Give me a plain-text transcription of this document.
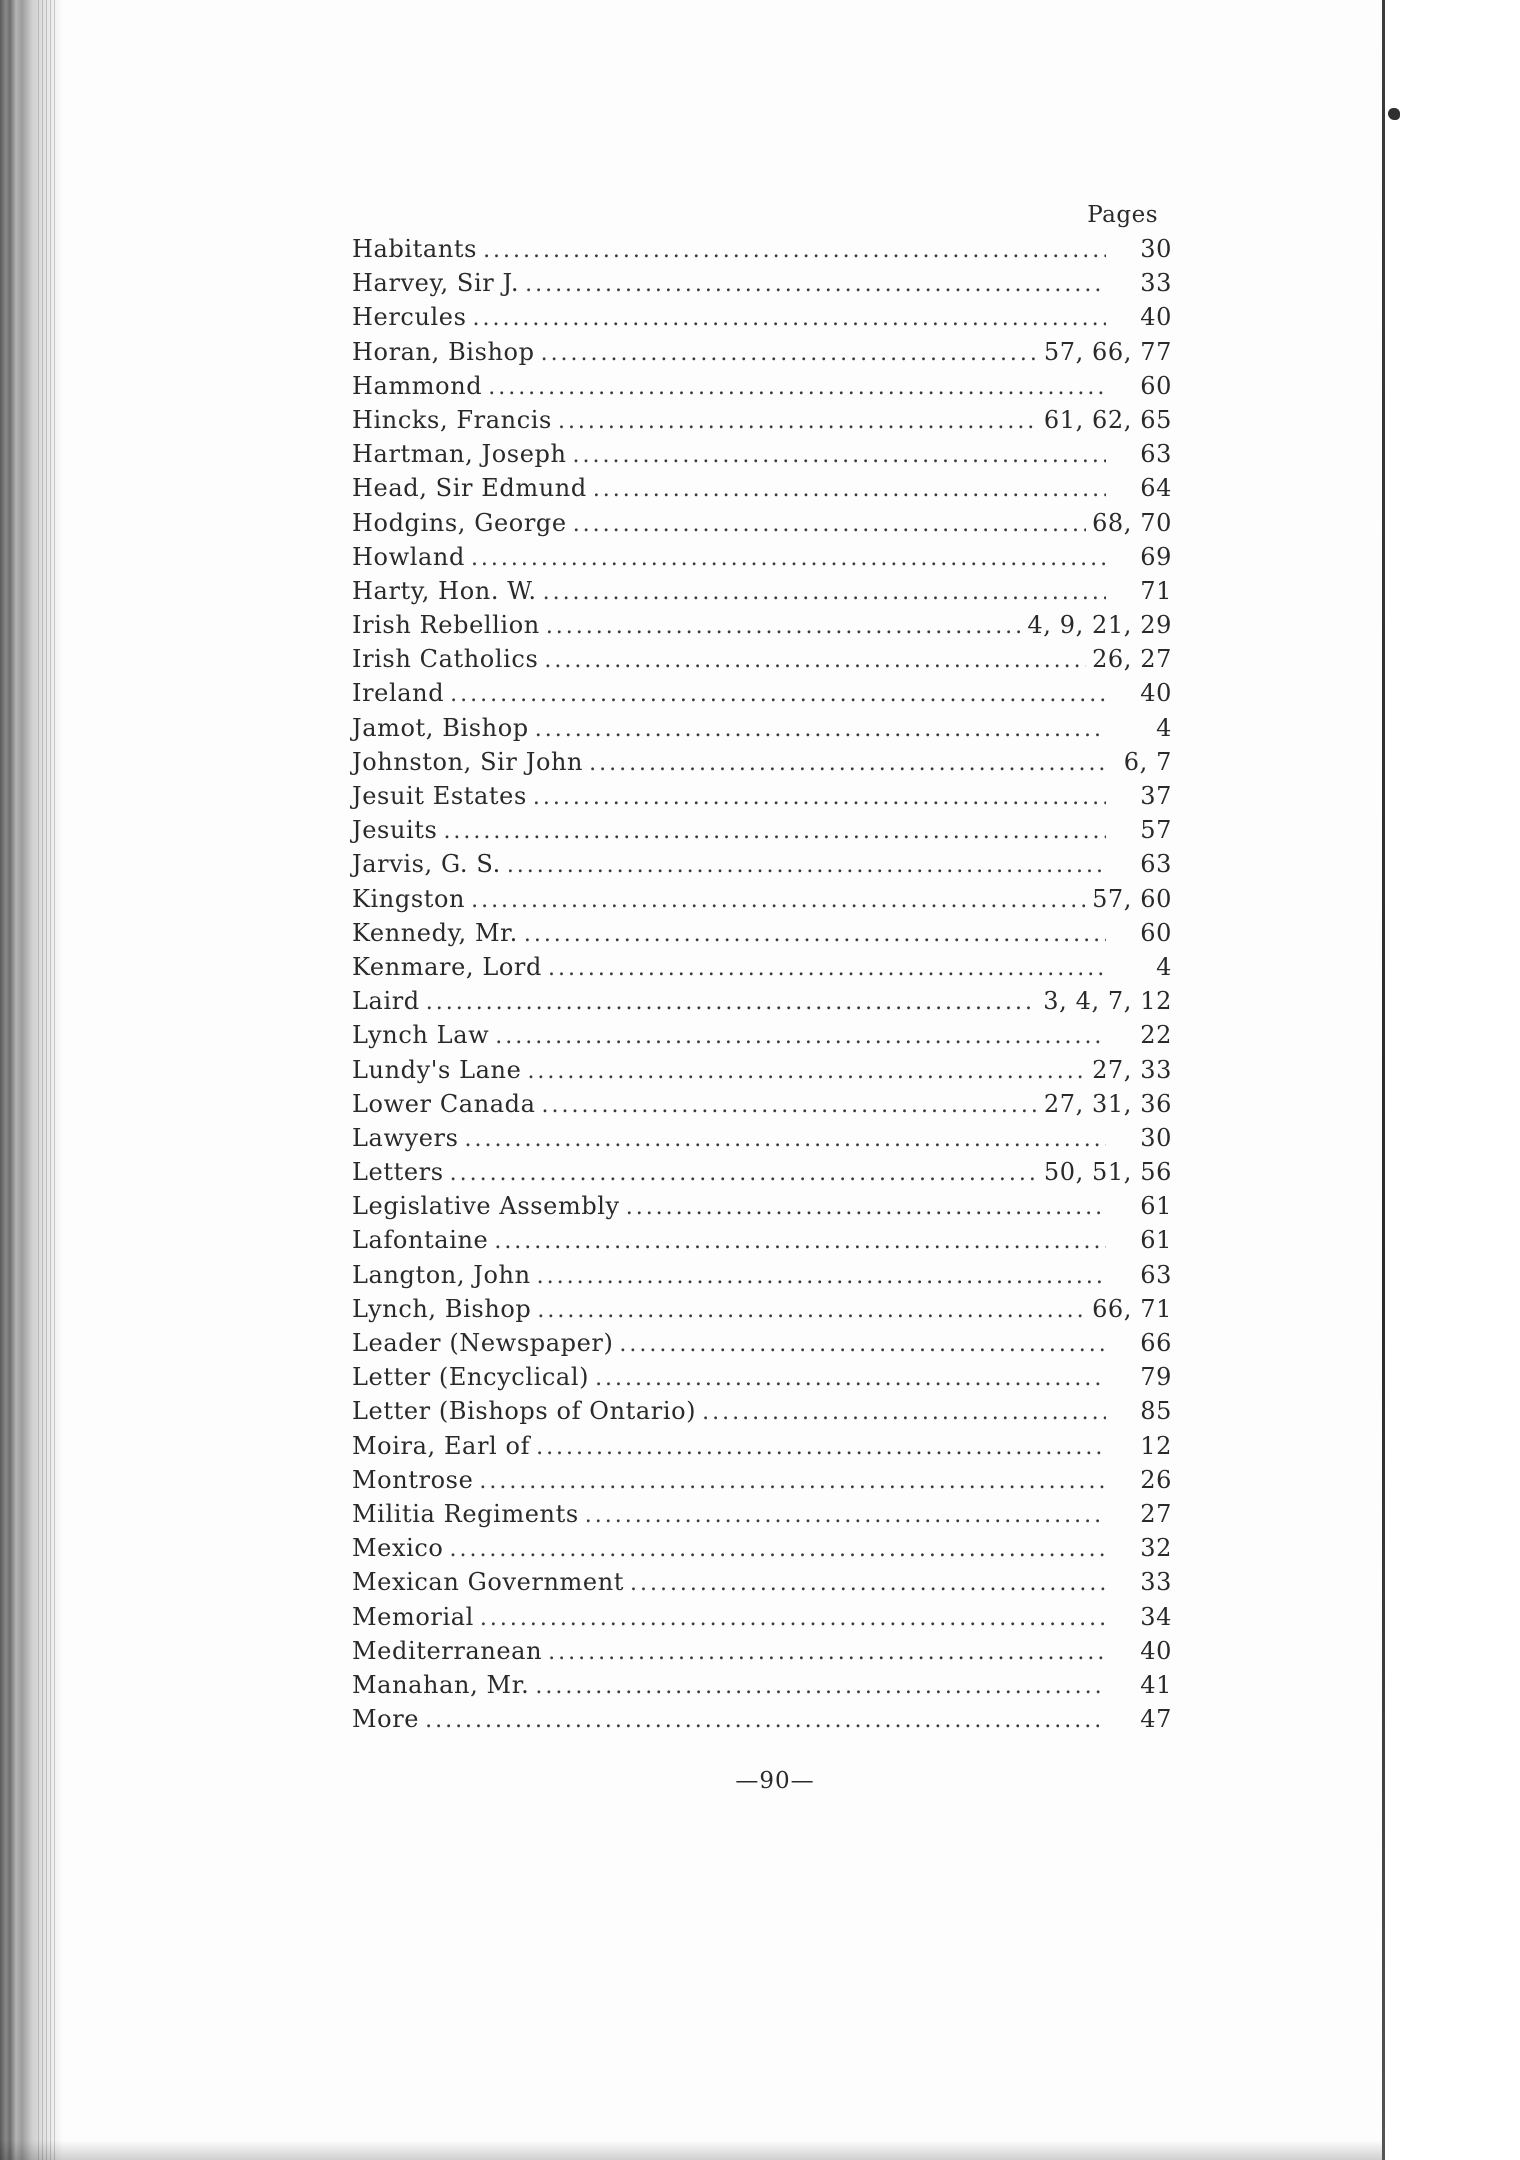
Pages
Habitants . . .	30
Harvey, Sir J. . . .	33
Hercules . . .	40
Horan, Bishop . . .	57, 66, 77
Hammond . . .	60
Hincks, Francis . . .	61, 62, 65
Hartman, Joseph . . .	63
Head, Sir Edmund . . .	64
Hodgins, George . . .	68, 70
Howland . . .	69
Harty, Hon. W. . . .	71
Irish Rebellion . . .	4, 9, 21, 29
Irish Catholics . . .	26, 27
Ireland . . .	40
Jamot, Bishop . . .	4
Johnston, Sir John . . .	6, 7
Jesuit Estates . . .	37
Jesuits . . .	57
Jarvis, G. S. . . .	63
Kingston . . .	57, 60
Kennedy, Mr. . . .	60
Kenmare, Lord . . .	4
Laird . . .	3, 4, 7, 12
Lynch Law . . .	22
Lundy's Lane . . .	27, 33
Lower Canada . . .	27, 31, 36
Lawyers . . .	30
Letters . . .	50, 51, 56
Legislative Assembly . . .	61
Lafontaine . . .	61
Langton, John . . .	63
Lynch, Bishop . . .	66, 71
Leader (Newspaper) . . .	66
Letter (Encyclical) . . .	79
Letter (Bishops of Ontario) . . .	85
Moira, Earl of . . .	12
Montrose . . .	26
Militia Regiments . . .	27
Mexico . . .	32
Mexican Government . . .	33
Memorial . . .	34
Mediterranean . . .	40
Manahan, Mr. . . .	41
More . . .	47
—90—
